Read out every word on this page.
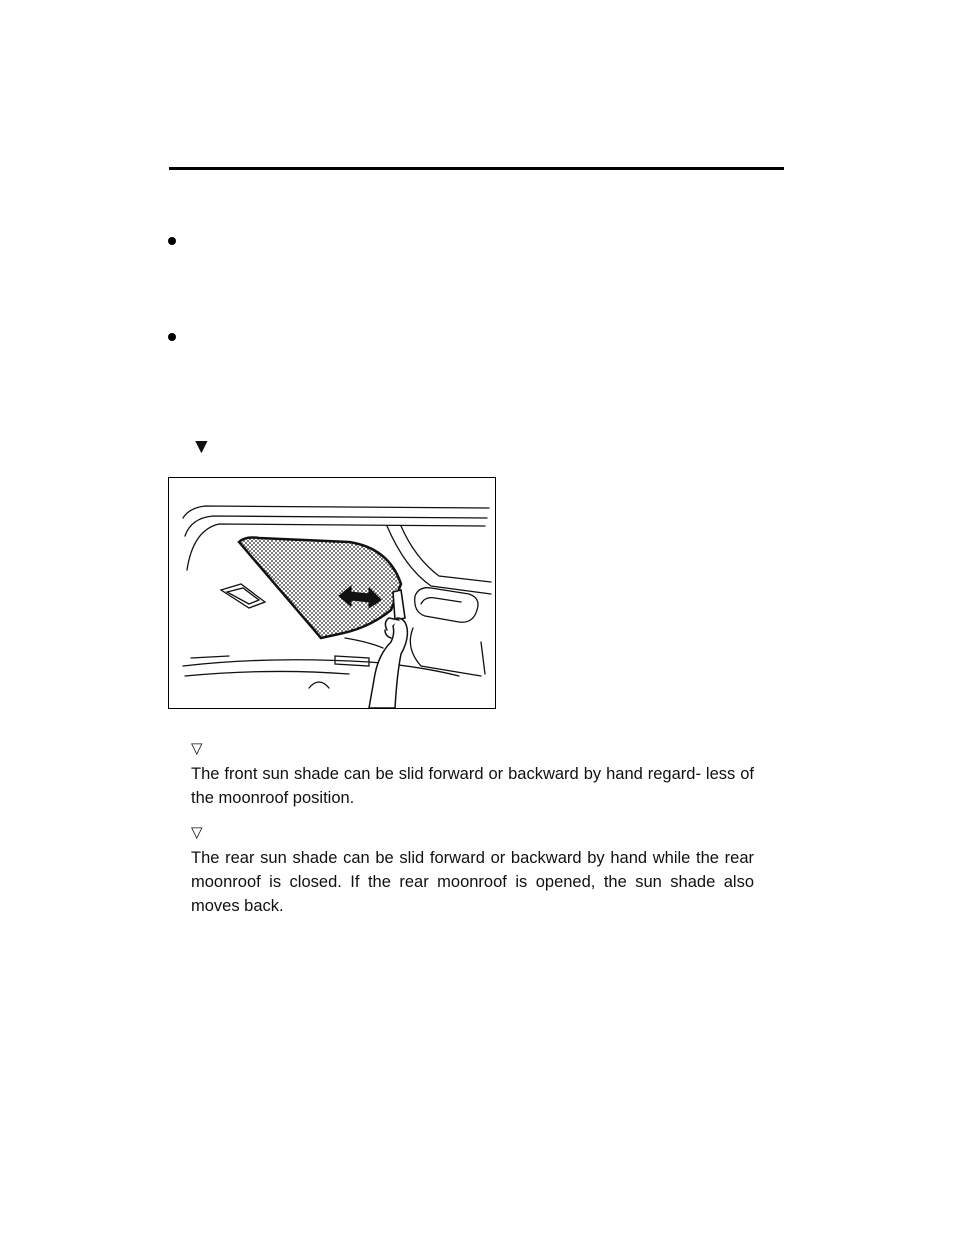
▼
▽

The front sun shade can be slid forward or backward by hand regard- less of the moonroof position.

▽

The rear sun shade can be slid forward or backward by hand while the rear moonroof is closed. If the rear moonroof is opened, the sun shade also moves back.
